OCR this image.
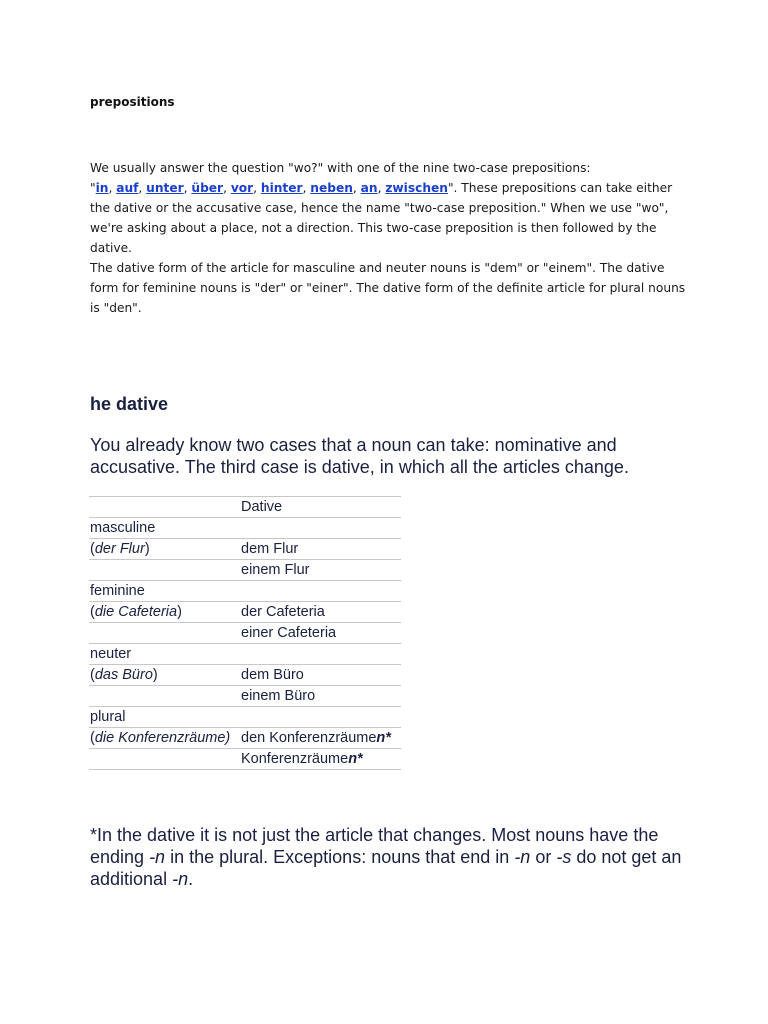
prepositions
We usually answer the question "wo?" with one of the nine two-case prepositions:
"in, auf, unter, über, vor, hinter, neben, an, zwischen". These prepositions can take either the dative or the accusative case, hence the name "two-case preposition." When we use "wo", we're asking about a place, not a direction. This two-case preposition is then followed by the dative.
The dative form of the article for masculine and neuter nouns is "dem" or "einem". The dative form for feminine nouns is "der" or "einer". The dative form of the definite article for plural nouns is "den".
he dative

You already know two cases that a noun can take: nominative and accusative. The third case is dative, in which all the articles change.

	Dative
masculine	
(der Flur)	dem Flur
	einem Flur
feminine	
(die Cafeteria)	der Cafeteria
	einer Cafeteria
neuter	
(das Büro)	dem Büro
	einem Büro
plural	
(die Konferenzräume)	den Konferenzräumen*
	Konferenzräumen*

*In the dative it is not just the article that changes. Most nouns have the ending -n in the plural. Exceptions: nouns that end in -n or -s do not get an additional -n.
